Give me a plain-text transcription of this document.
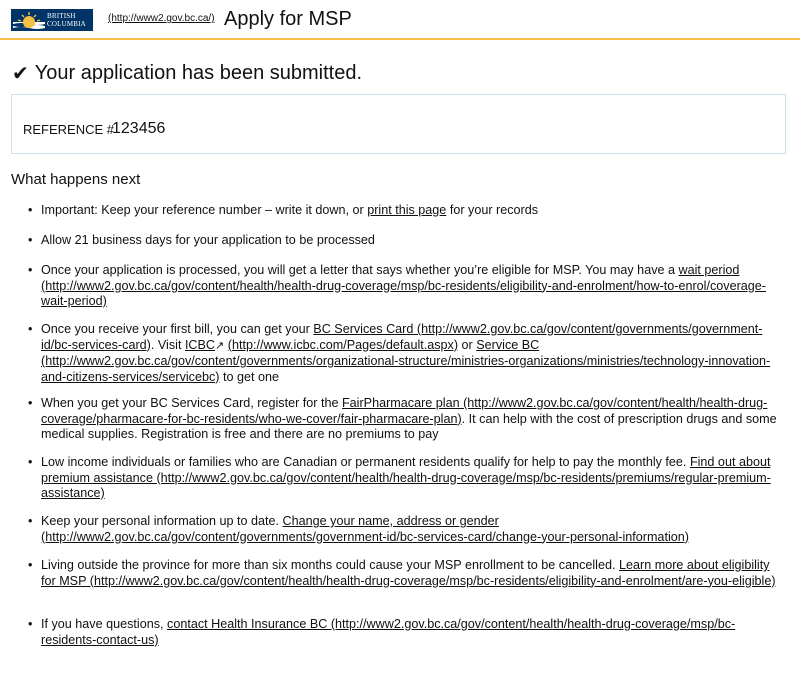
BRITISH
COLUMBIA (http://www2.gov.bc.ca/) Apply for MSP
✔ Your application has been submitted.
REFERENCE #
123456
What happens next
• Important: Keep your reference number – write it down, or print this page for your records
• Allow 21 business days for your application to be processed
• Once your application is processed, you will get a letter that says whether you’re eligible for MSP. You may have a wait period (http://www2.gov.bc.ca/gov/content/health/health-drug-coverage/msp/bc-residents/eligibility-and-enrolment/how-to-enrol/coverage-wait-period)
• Once you receive your first bill, you can get your BC Services Card (http://www2.gov.bc.ca/gov/content/governments/government-id/bc-services-card). Visit ICBC↗ (http://www.icbc.com/Pages/default.aspx) or Service BC (http://www2.gov.bc.ca/gov/content/governments/organizational-structure/ministries-organizations/ministries/technology-innovation-and-citizens-services/servicebc) to get one
• When you get your BC Services Card, register for the FairPharmacare plan (http://www2.gov.bc.ca/gov/content/health/health-drug-coverage/pharmacare-for-bc-residents/who-we-cover/fair-pharmacare-plan). It can help with the cost of prescription drugs and some medical supplies. Registration is free and there are no premiums to pay
• Low income individuals or families who are Canadian or permanent residents qualify for help to pay the monthly fee. Find out about premium assistance (http://www2.gov.bc.ca/gov/content/health/health-drug-coverage/msp/bc-residents/premiums/regular-premium-assistance)
• Keep your personal information up to date. Change your name, address or gender (http://www2.gov.bc.ca/gov/content/governments/government-id/bc-services-card/change-your-personal-information)
• Living outside the province for more than six months could cause your MSP enrollment to be cancelled. Learn more about eligibility for MSP (http://www2.gov.bc.ca/gov/content/health/health-drug-coverage/msp/bc-residents/eligibility-and-enrolment/are-you-eligible)
• If you have questions, contact Health Insurance BC (http://www2.gov.bc.ca/gov/content/health/health-drug-coverage/msp/bc-residents-contact-us)
